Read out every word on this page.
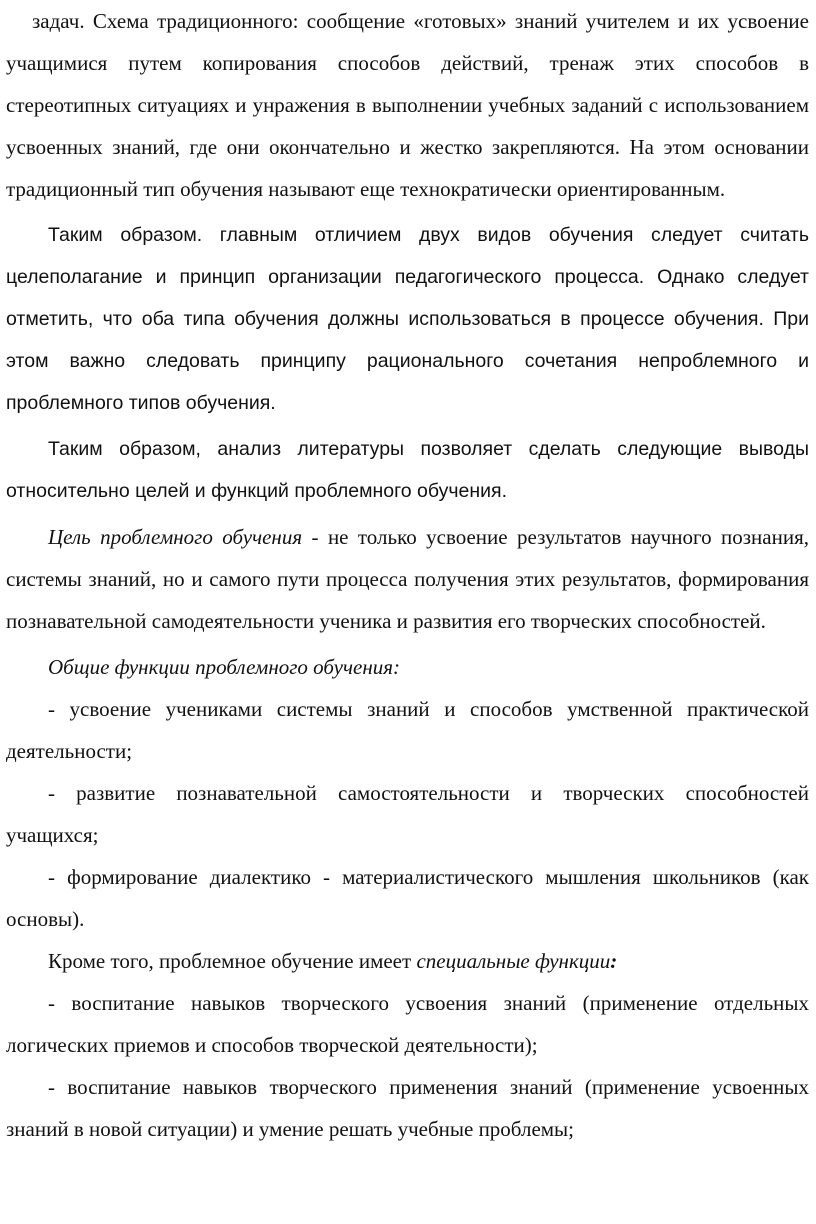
задач. Схема традиционного: сообщение «готовых» знаний учителем и их усвоение учащимися путем копирования способов действий, тренаж этих способов в стереотипных ситуациях и унражения в выполнении учебных заданий с использованием усвоенных знаний, где они окончательно и жестко закрепляются. На этом основании традиционный тип обучения называют еще технократически ориентированным.

Таким образом. главным отличием двух видов обучения следует считать целеполагание и принцип организации педагогического процесса. Однако следует отметить, что оба типа обучения должны использоваться в процессе обучения. При этом важно следовать принципу рационального сочетания непроблемного и проблемного типов обучения.

Таким образом, анализ литературы позволяет сделать следующие выводы относительно целей и функций проблемного обучения.

Цель проблемного обучения - не только усвоение результатов научного познания, системы знаний, но и самого пути процесса получения этих результатов, формирования познавательной самодеятельности ученика и развития его творческих способностей.

Общие функции проблемного обучения:

- усвоение учениками системы знаний и способов умственной практической деятельности;

- развитие познавательной самостоятельности и творческих способностей учащихся;

- формирование диалектико - материалистического мышления школьников (как основы).

Кроме того, проблемное обучение имеет специальные функции:

- воспитание навыков творческого усвоения знаний (применение отдельных логических приемов и способов творческой деятельности);

- воспитание навыков творческого применения знаний (применение усвоенных знаний в новой ситуации) и умение решать учебные проблемы;
